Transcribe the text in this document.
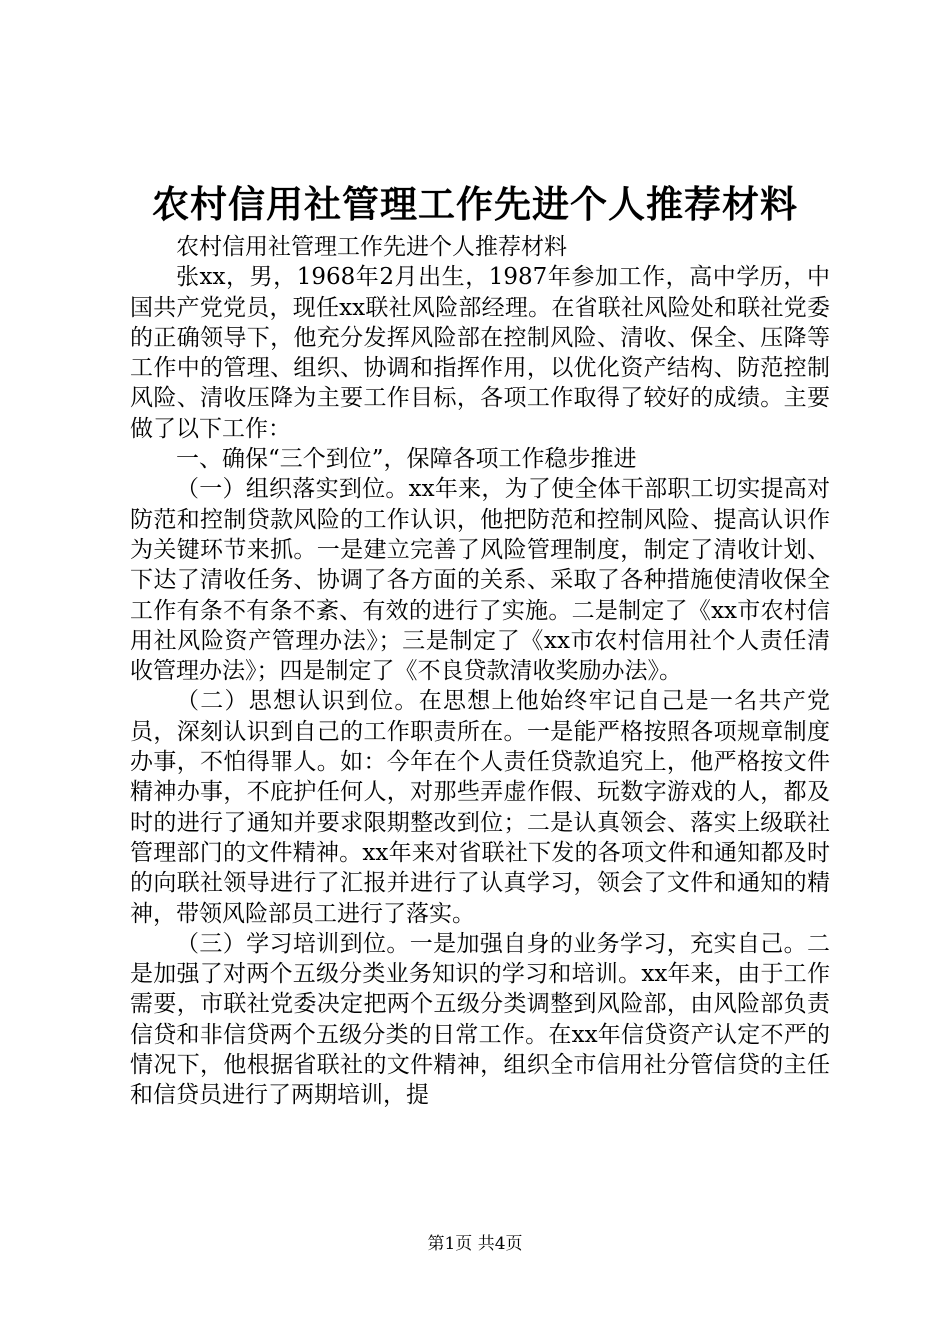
农村信用社管理工作先进个人推荐材料

农村信用社管理工作先进个人推荐材料

张xx，男，1968年2月出生，1987年参加工作，高中学历，中国共产党党员，现任xx联社风险部经理。在省联社风险处和联社党委的正确领导下，他充分发挥风险部在控制风险、清收、保全、压降等工作中的管理、组织、协调和指挥作用，以优化资产结构、防范控制风险、清收压降为主要工作目标，各项工作取得了较好的成绩。主要做了以下工作：

一、确保“三个到位”，保障各项工作稳步推进

（一）组织落实到位。xx年来，为了使全体干部职工切实提高对防范和控制贷款风险的工作认识，他把防范和控制风险、提高认识作为关键环节来抓。一是建立完善了风险管理制度，制定了清收计划、下达了清收任务、协调了各方面的关系、采取了各种措施使清收保全工作有条不有条不紊、有效的进行了实施。二是制定了《xx市农村信用社风险资产管理办法》；三是制定了《xx市农村信用社个人责任清收管理办法》；四是制定了《不良贷款清收奖励办法》。

（二）思想认识到位。在思想上他始终牢记自己是一名共产党员，深刻认识到自己的工作职责所在。一是能严格按照各项规章制度办事，不怕得罪人。如：今年在个人责任贷款追究上，他严格按文件精神办事，不庇护任何人，对那些弄虚作假、玩数字游戏的人，都及时的进行了通知并要求限期整改到位；二是认真领会、落实上级联社管理部门的文件精神。xx年来对省联社下发的各项文件和通知都及时的向联社领导进行了汇报并进行了认真学习，领会了文件和通知的精神，带领风险部员工进行了落实。

（三）学习培训到位。一是加强自身的业务学习，充实自己。二是加强了对两个五级分类业务知识的学习和培训。xx年来，由于工作需要，市联社党委决定把两个五级分类调整到风险部，由风险部负责信贷和非信贷两个五级分类的日常工作。在xx年信贷资产认定不严的情况下，他根据省联社的文件精神，组织全市信用社分管信贷的主任和信贷员进行了两期培训，提

第1页 共4页
